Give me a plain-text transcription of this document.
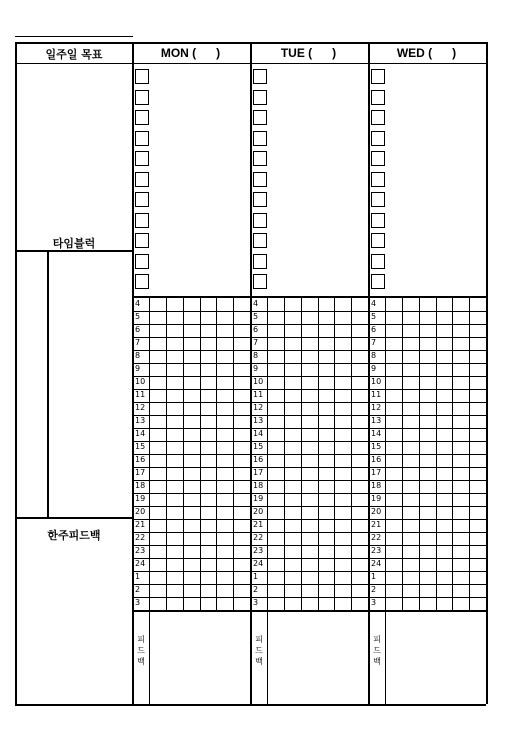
4
5
6
7
8
9
10
11
12
13
14
15
16
17
18
19
20
21
22
23
24
1
2
3
4
5
6
7
8
9
10
11
12
13
14
15
16
17
18
19
20
21
22
23
24
1
2
3
4
5
6
7
8
9
10
11
12
13
14
15
16
17
18
19
20
21
22
23
24
1
2
3
피
드
백
피
드
백
피
드
백
일주일 목표
타임블럭
한주피드백
MON (      )	TUE (      )	WED (      )
